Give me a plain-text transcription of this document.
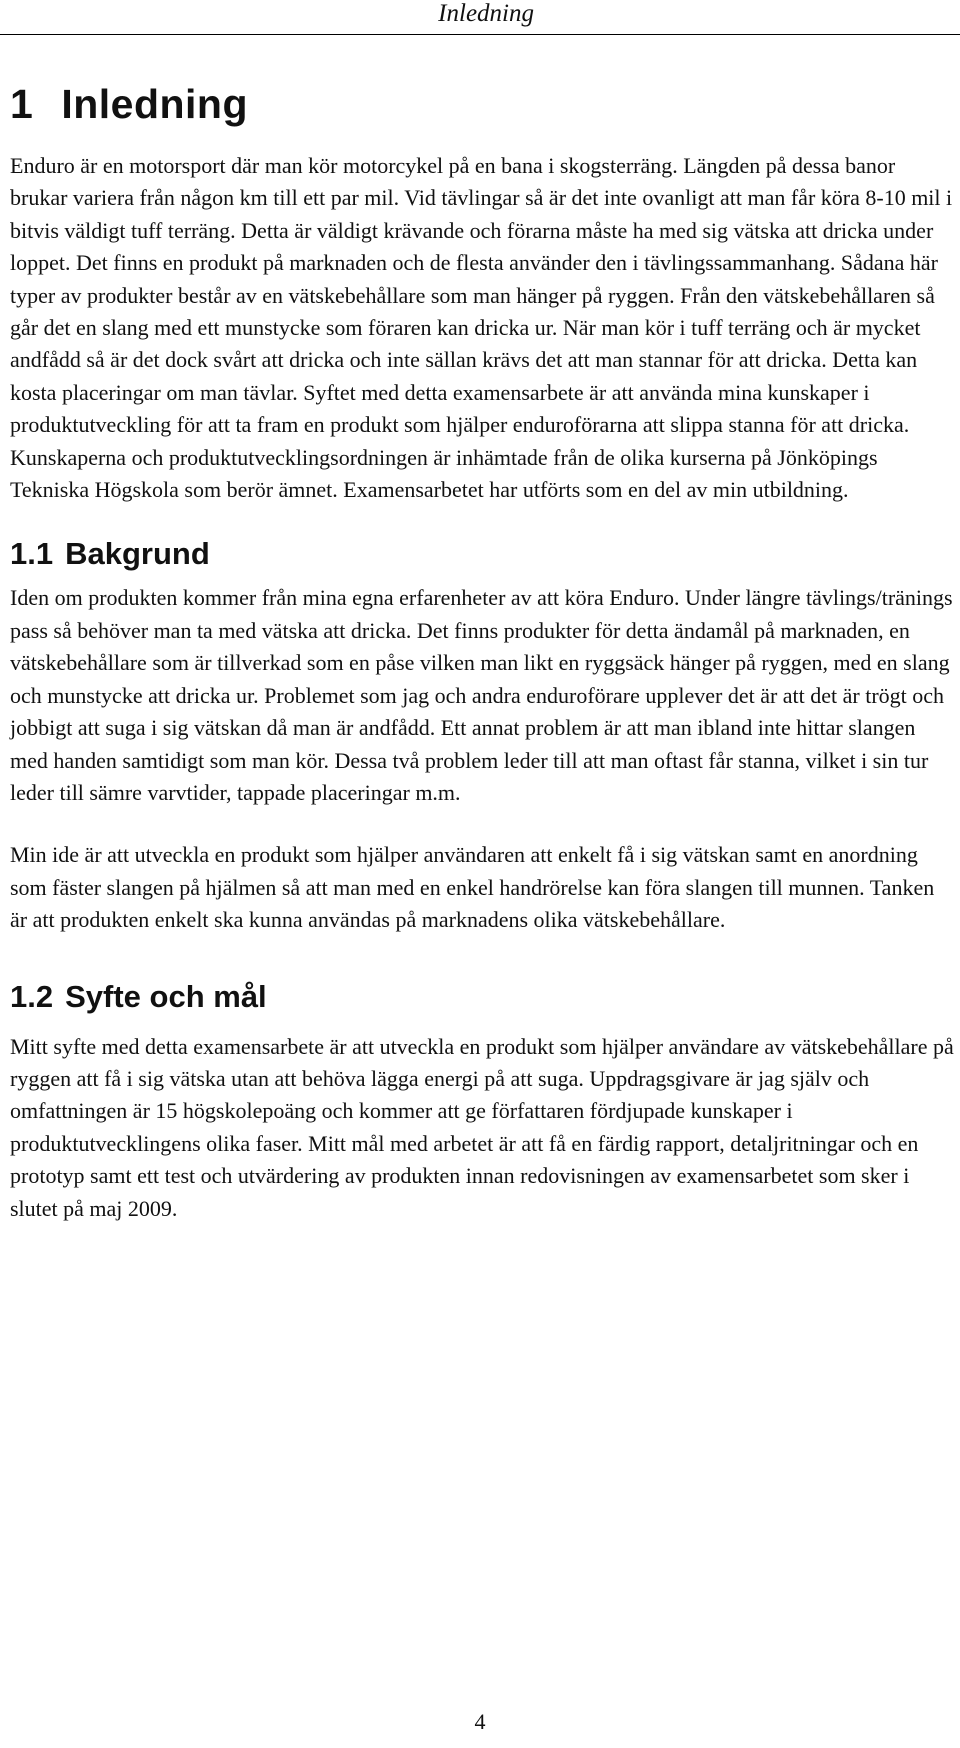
Inledning
1 Inledning

Enduro är en motorsport där man kör motorcykel på en bana i skogsterräng. Längden på dessa banor brukar variera från någon km till ett par mil. Vid tävlingar så är det inte ovanligt att man får köra 8-10 mil i bitvis väldigt tuff terräng. Detta är väldigt krävande och förarna måste ha med sig vätska att dricka under loppet. Det finns en produkt på marknaden och de flesta använder den i tävlingssammanhang. Sådana här typer av produkter består av en vätskebehållare som man hänger på ryggen. Från den vätskebehållaren så går det en slang med ett munstycke som föraren kan dricka ur. När man kör i tuff terräng och är mycket andfådd så är det dock svårt att dricka och inte sällan krävs det att man stannar för att dricka. Detta kan kosta placeringar om man tävlar. Syftet med detta examensarbete är att använda mina kunskaper i produktutveckling för att ta fram en produkt som hjälper enduroförarna att slippa stanna för att dricka. Kunskaperna och produktutvecklingsordningen är inhämtade från de olika kurserna på Jönköpings Tekniska Högskola som berör ämnet. Examensarbetet har utförts som en del av min utbildning.

1.1 Bakgrund

Iden om produkten kommer från mina egna erfarenheter av att köra Enduro. Under längre tävlings/tränings pass så behöver man ta med vätska att dricka. Det finns produkter för detta ändamål på marknaden, en vätskebehållare som är tillverkad som en påse vilken man likt en ryggsäck hänger på ryggen, med en slang och munstycke att dricka ur. Problemet som jag och andra enduroförare upplever det är att det är trögt och jobbigt att suga i sig vätskan då man är andfådd. Ett annat problem är att man ibland inte hittar slangen med handen samtidigt som man kör. Dessa två problem leder till att man oftast får stanna, vilket i sin tur leder till sämre varvtider, tappade placeringar m.m.

Min ide är att utveckla en produkt som hjälper användaren att enkelt få i sig vätskan samt en anordning som fäster slangen på hjälmen så att man med en enkel handrörelse kan föra slangen till munnen. Tanken är att produkten enkelt ska kunna användas på marknadens olika vätskebehållare.

1.2 Syfte och mål

Mitt syfte med detta examensarbete är att utveckla en produkt som hjälper användare av vätskebehållare på ryggen att få i sig vätska utan att behöva lägga energi på att suga. Uppdragsgivare är jag själv och omfattningen är 15 högskolepoäng och kommer att ge författaren fördjupade kunskaper i produktutvecklingens olika faser. Mitt mål med arbetet är att få en färdig rapport, detaljritningar och en prototyp samt ett test och utvärdering av produkten innan redovisningen av examensarbetet som sker i slutet på maj 2009.

4
